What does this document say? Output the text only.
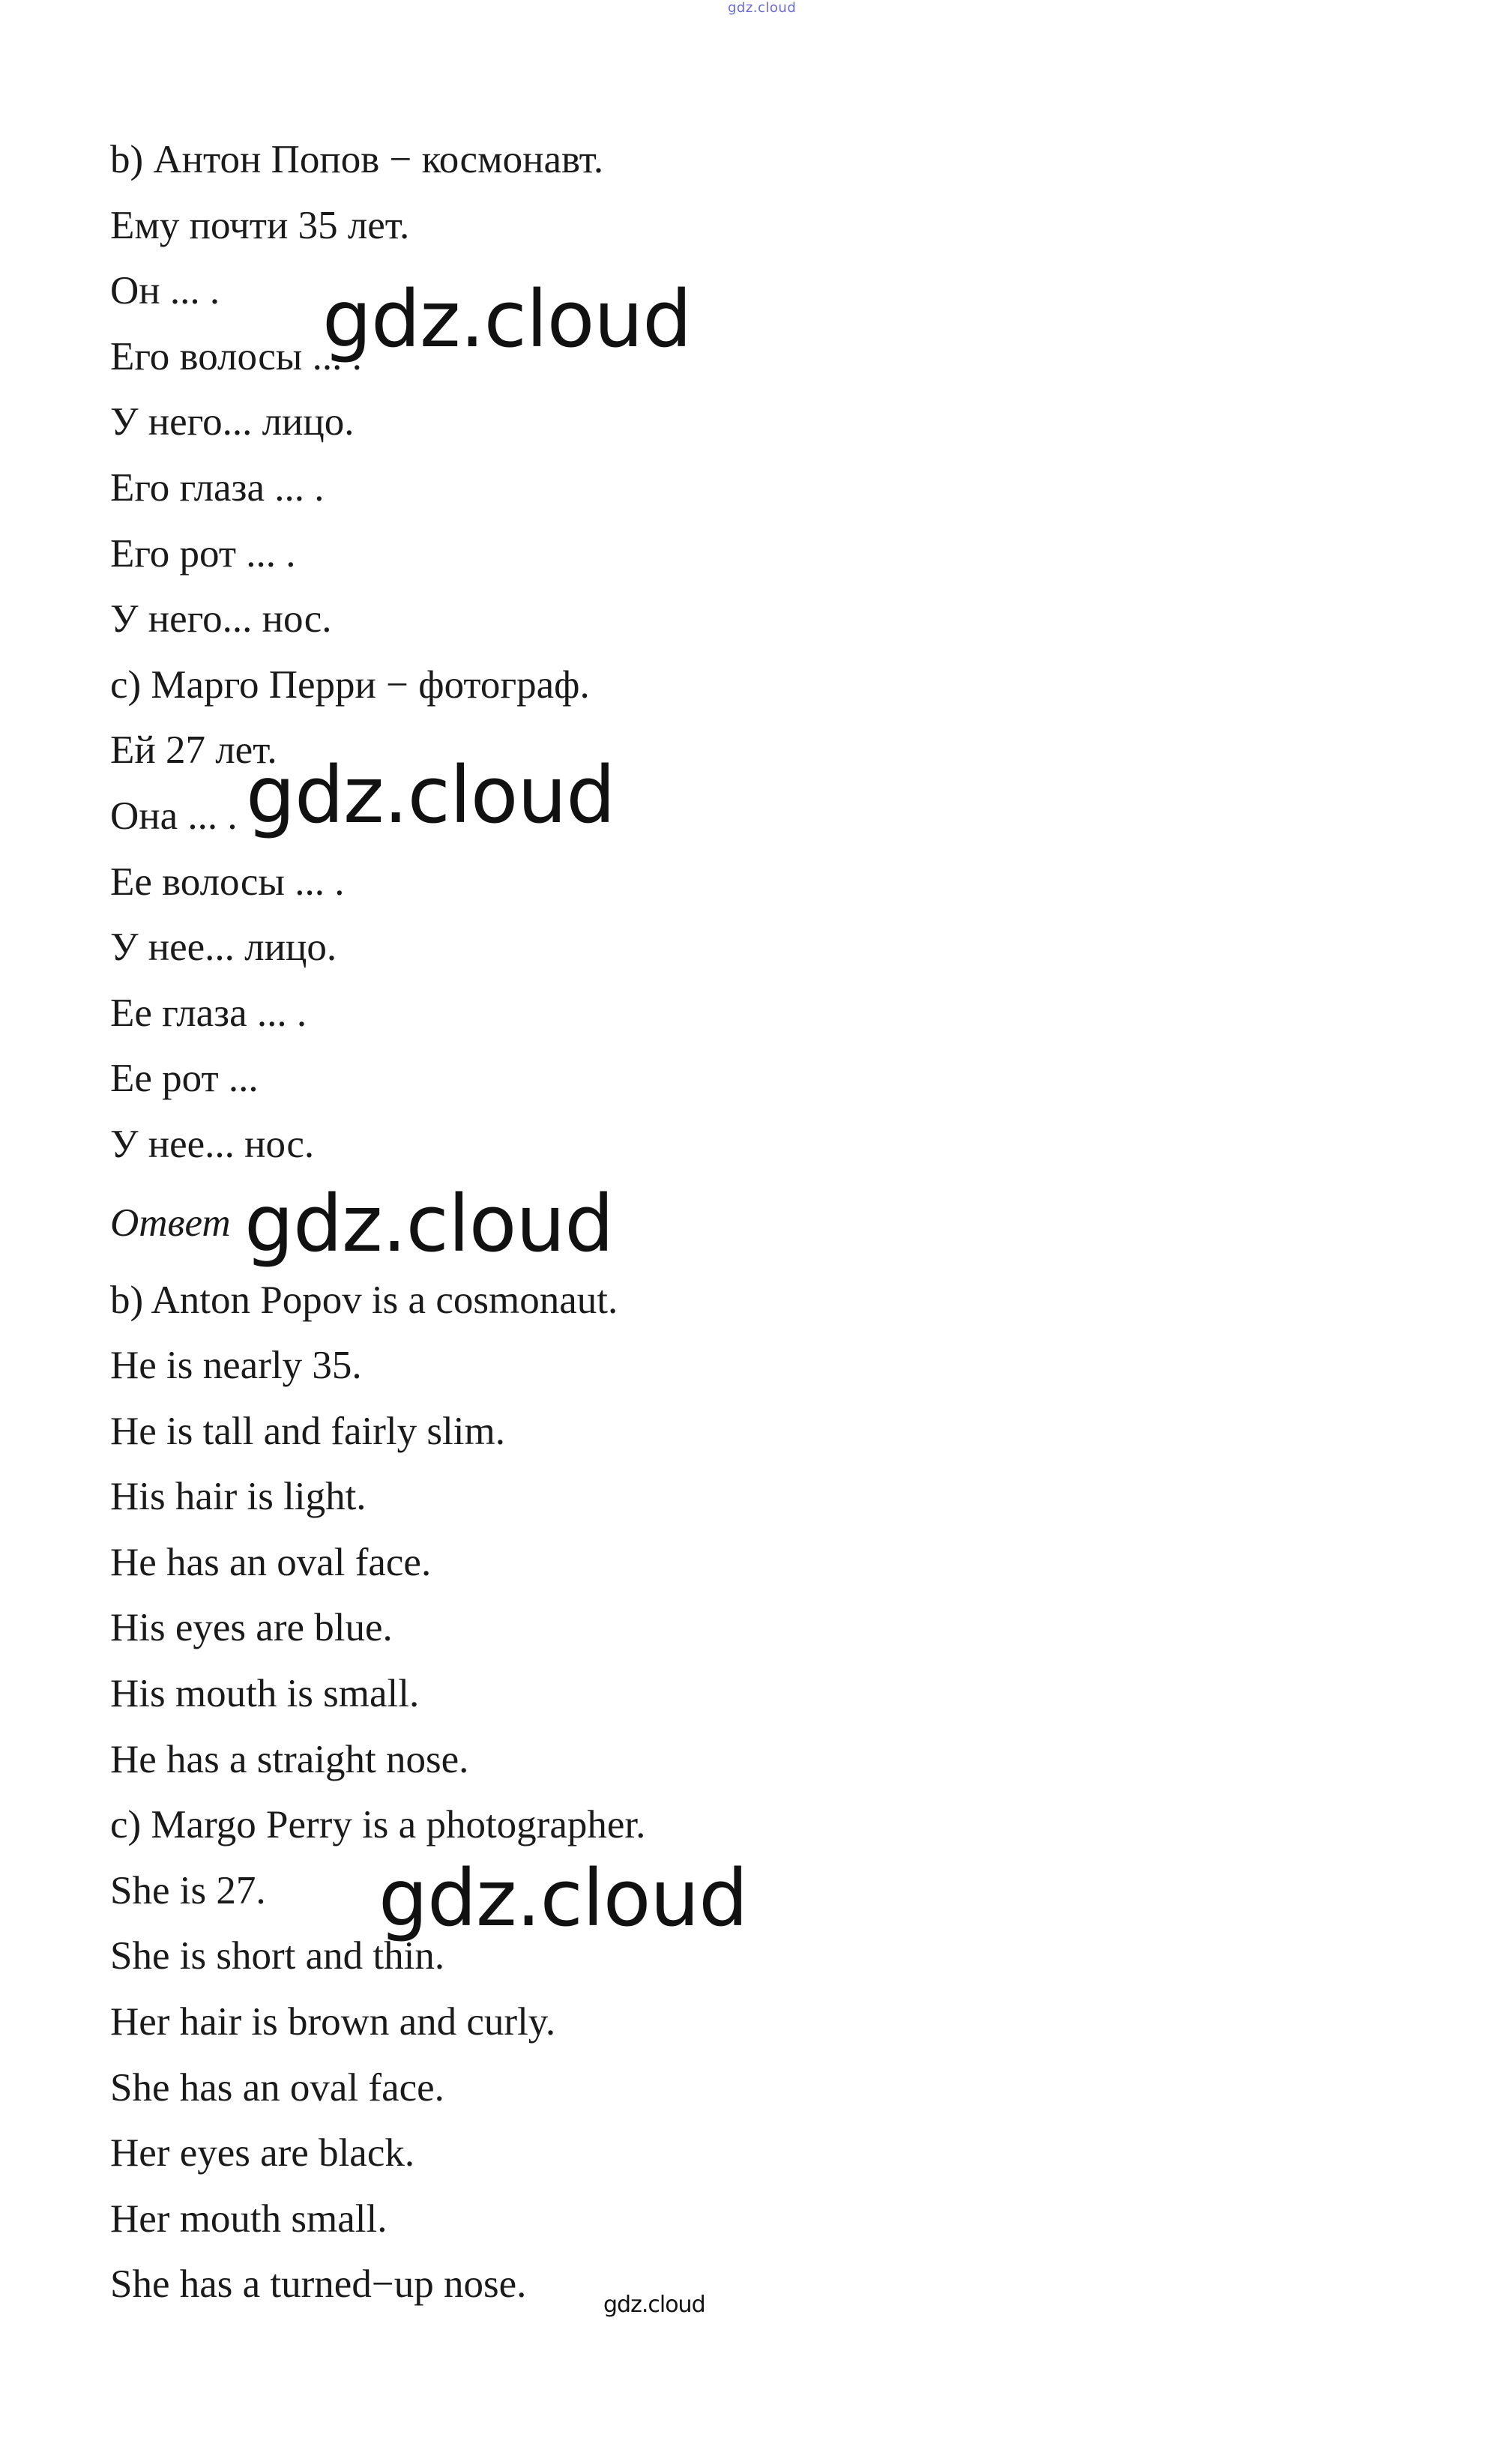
gdz.cloud
b) Антон Попов − космонавт.
Ему почти 35 лет.
Он ... .
Его волосы ... .
У него... лицо.
Его глаза ... .
Его рот ... .
У него... нос.
c) Марго Перри − фотограф.
Ей 27 лет.
Она ... .
Ее волосы ... .
У нее... лицо.
Ее глаза ... .
Ее рот ...
У нее... нос.
Ответ
b) Anton Popov is a cosmonaut.
He is nearly 35.
He is tall and fairly slim.
His hair is light.
He has an oval face.
His eyes are blue.
His mouth is small.
He has a straight nose.
c) Margo Perry is a photographer.
She is 27.
She is short and thin.
Her hair is brown and curly.
She has an oval face.
Her eyes are black.
Her mouth small.
She has a turned−up nose.
gdz.cloud
gdz.cloud
gdz.cloud
gdz.cloud
gdz.cloud
